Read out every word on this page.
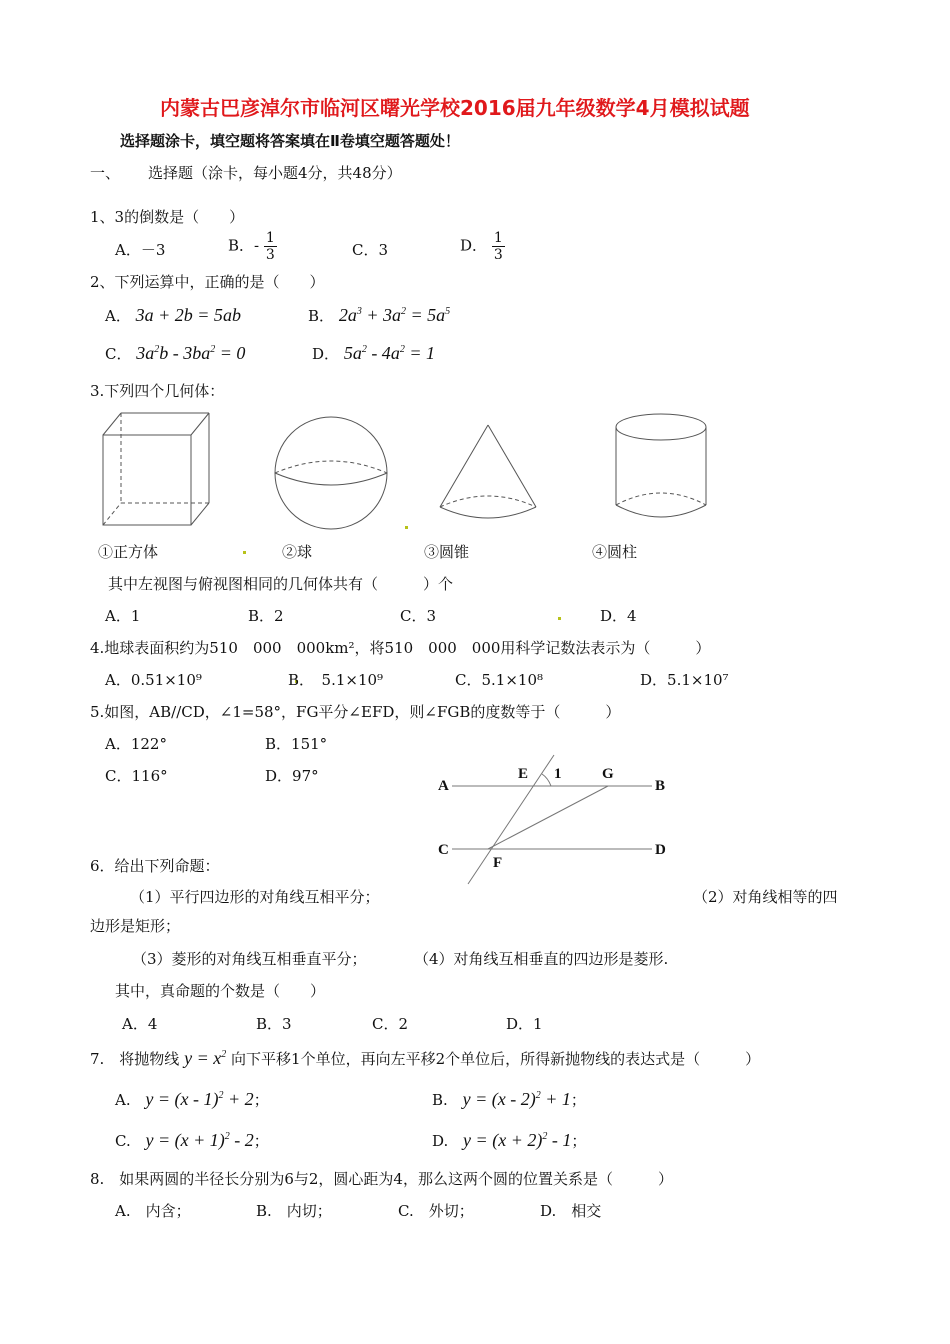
内蒙古巴彦淖尔市临河区曙光学校2016届九年级数学4月模拟试题
选择题涂卡，填空题将答案填在Ⅱ卷填空题答题处！
一、 选择题（涂卡，每小题4分，共48分）
1、3的倒数是（　　）
A．－3	B．- $\frac{1}{3}$	C．3	D． $\frac{1}{3}$
2、下列运算中，正确的是（　　）
A． 3a + 2b = 5ab	B． $2a^3 + 3a^2 = 5a^5$
C． $3a^2b - 3ba^2 = 0$	D． $5a^2 - 4a^2 = 1$
3.下列四个几何体：
①正方体	②球	③圆锥	④圆柱
其中左视图与俯视图相同的几何体共有（　　　）个
A．1	B．2	C．3	D．4
4.地球表面积约为510　000　000km²，将510　000　000用科学记数法表示为（　　　）
A．0.51×10⁹	B．　5.1×10⁹	C．5.1×10⁸	D．5.1×10⁷
5.如图，AB//CD，∠1=58°，FG平分∠EFD，则∠FGB的度数等于（　　　）
A．122°	B．151°
C．116°	D．97°
A	B
C	D
E
F
G
1
6．给出下列命题：
（1）平行四边形的对角线互相平分；	（2）对角线相等的四
边形是矩形；
（3）菱形的对角线互相垂直平分；	（4）对角线互相垂直的四边形是菱形.
其中，真命题的个数是（　　）
A．4	B．3	C．2	D．1
7.　将抛物线 $y = x^2$ 向下平移1个单位，再向左平移2个单位后，所得新抛物线的表达式是（　　　）
A. y = (x - 1)$^2$ + 2；	B. y = (x - 2)$^2$ + 1；
C. $y = (x + 1)^2 - 2$；	D. $y = (x + 2)^2 - 1$；
8.　如果两圆的半径长分别为6与2，圆心距为4，那么这两个圆的位置关系是（　　　）
A.　内含；	B.　内切；	C.　外切；	D.　相交
